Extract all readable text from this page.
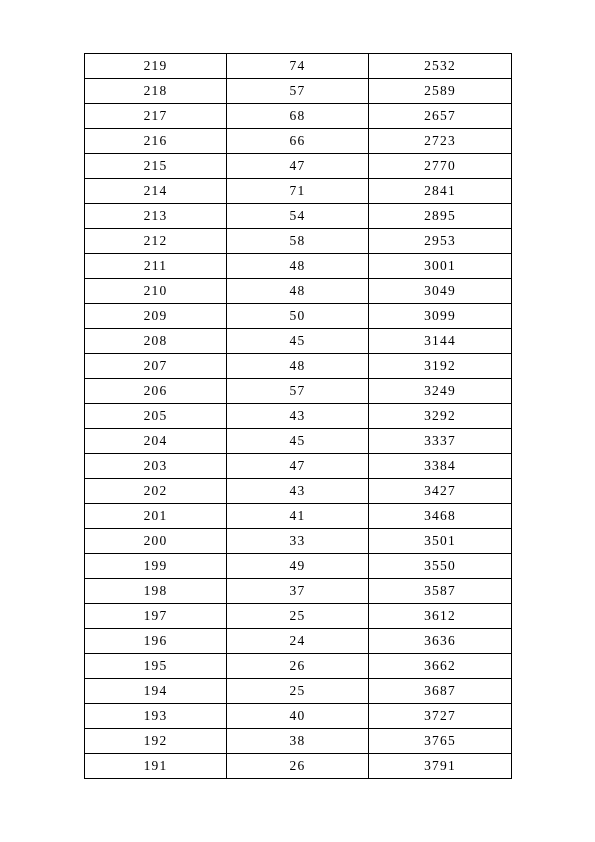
219	74	2532
218	57	2589
217	68	2657
216	66	2723
215	47	2770
214	71	2841
213	54	2895
212	58	2953
211	48	3001
210	48	3049
209	50	3099
208	45	3144
207	48	3192
206	57	3249
205	43	3292
204	45	3337
203	47	3384
202	43	3427
201	41	3468
200	33	3501
199	49	3550
198	37	3587
197	25	3612
196	24	3636
195	26	3662
194	25	3687
193	40	3727
192	38	3765
191	26	3791
